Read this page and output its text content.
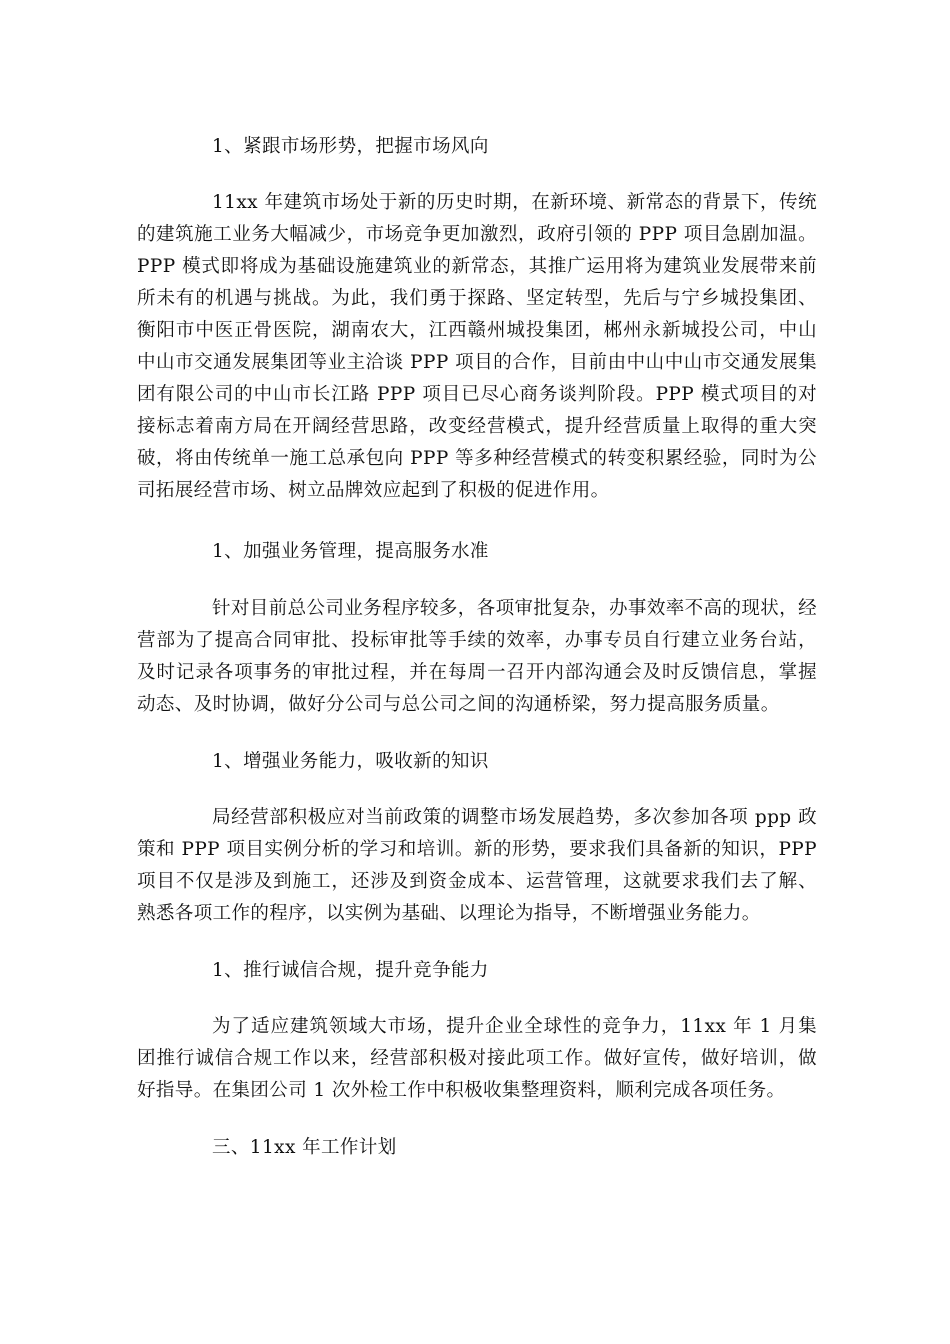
1、紧跟市场形势，把握市场风向
11xx 年建筑市场处于新的历史时期，在新环境、新常态的背景下，传统的建筑施工业务大幅减少，市场竞争更加激烈，政府引领的 PPP 项目急剧加温。PPP 模式即将成为基础设施建筑业的新常态，其推广运用将为建筑业发展带来前所未有的机遇与挑战。为此，我们勇于探路、坚定转型，先后与宁乡城投集团、衡阳市中医正骨医院，湖南农大，江西赣州城投集团，郴州永新城投公司，中山中山市交通发展集团等业主洽谈 PPP 项目的合作，目前由中山中山市交通发展集团有限公司的中山市长江路 PPP 项目已尽心商务谈判阶段。PPP 模式项目的对接标志着南方局在开阔经营思路，改变经营模式，提升经营质量上取得的重大突破，将由传统单一施工总承包向 PPP 等多种经营模式的转变积累经验，同时为公司拓展经营市场、树立品牌效应起到了积极的促进作用。
1、加强业务管理，提高服务水准
针对目前总公司业务程序较多，各项审批复杂，办事效率不高的现状，经营部为了提高合同审批、投标审批等手续的效率，办事专员自行建立业务台站，及时记录各项事务的审批过程，并在每周一召开内部沟通会及时反馈信息，掌握动态、及时协调，做好分公司与总公司之间的沟通桥梁，努力提高服务质量。
1、增强业务能力，吸收新的知识
局经营部积极应对当前政策的调整市场发展趋势，多次参加各项 ppp 政策和 PPP 项目实例分析的学习和培训。新的形势，要求我们具备新的知识，PPP 项目不仅是涉及到施工，还涉及到资金成本、运营管理，这就要求我们去了解、熟悉各项工作的程序，以实例为基础、以理论为指导，不断增强业务能力。
1、推行诚信合规，提升竞争能力
为了适应建筑领域大市场，提升企业全球性的竞争力，11xx 年 1 月集团推行诚信合规工作以来，经营部积极对接此项工作。做好宣传，做好培训，做好指导。在集团公司 1 次外检工作中积极收集整理资料，顺利完成各项任务。
三、11xx 年工作计划
